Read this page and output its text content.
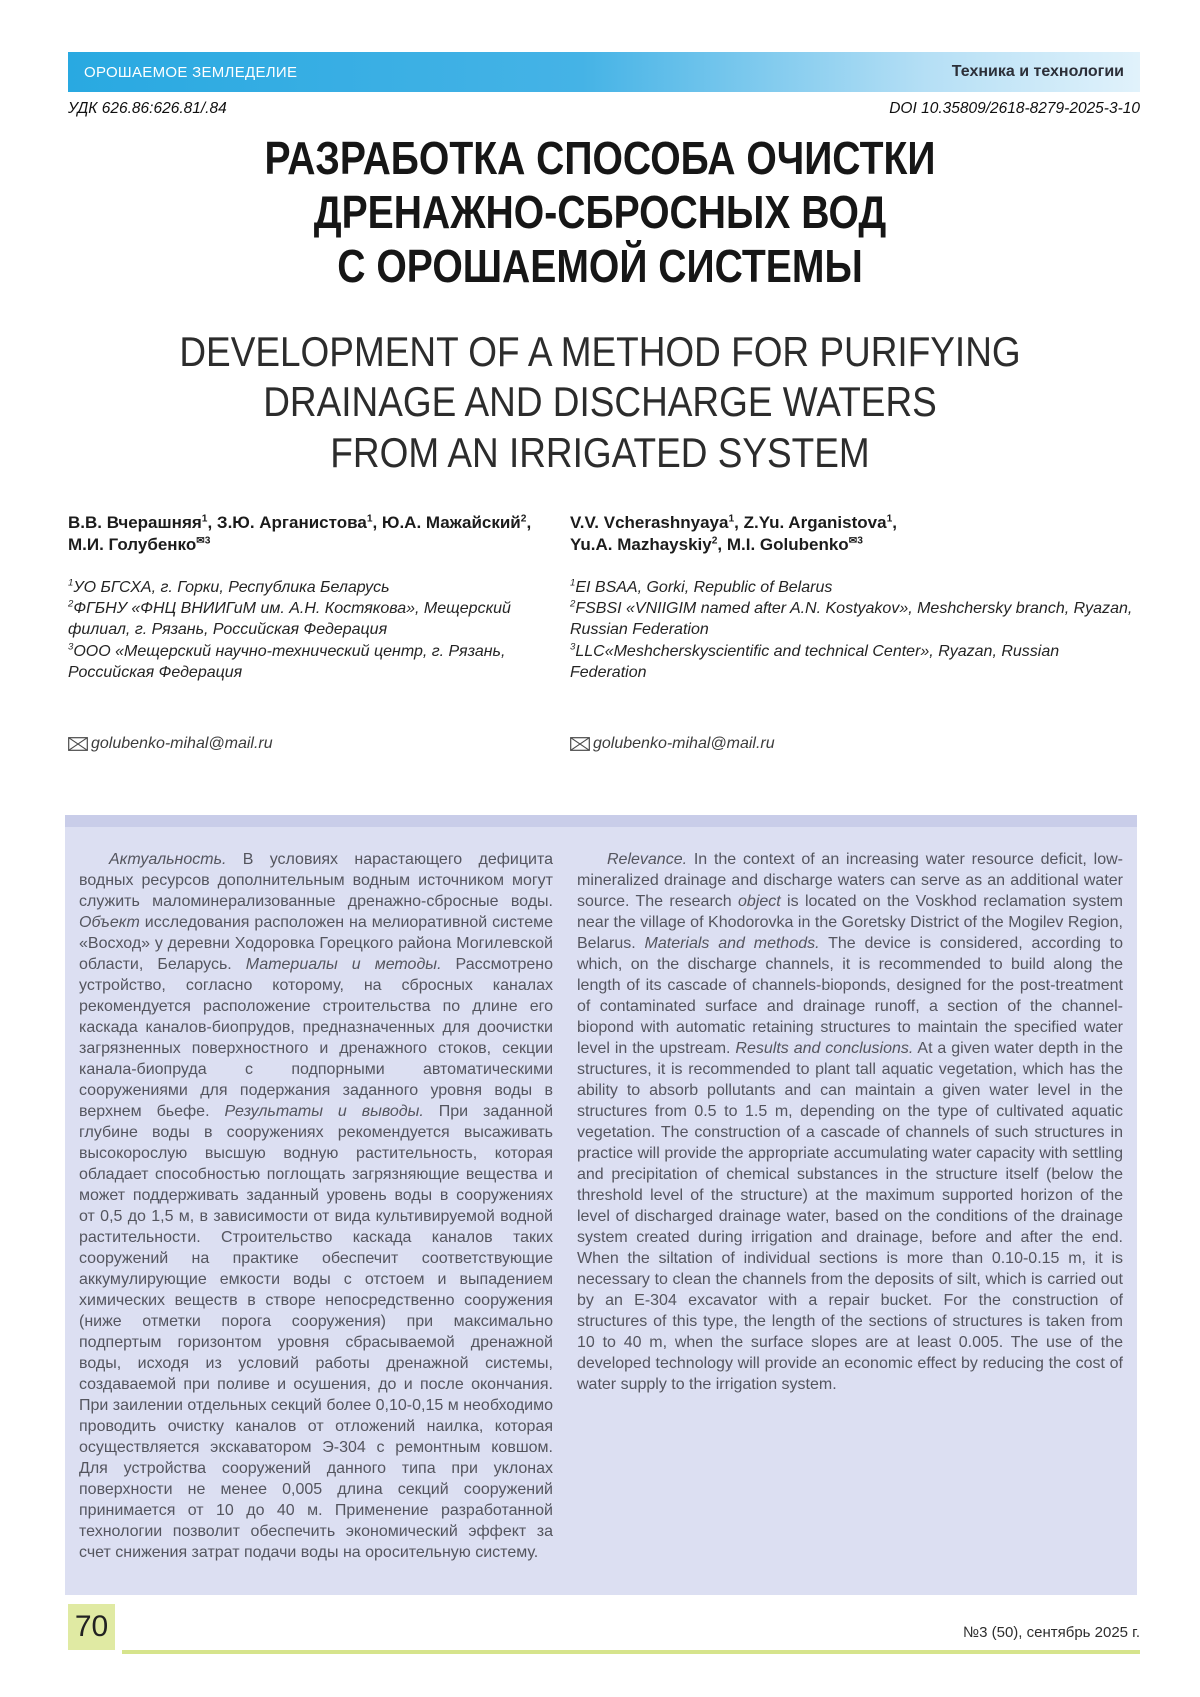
ОРОШАЕМОЕ ЗЕМЛЕДЕЛИЕ	Техника и технологии
УДК 626.86:626.81/.84	DOI 10.35809/2618-8279-2025-3-10
РАЗРАБОТКА СПОСОБА ОЧИСТКИ
ДРЕНАЖНО-СБРОСНЫХ ВОД
С ОРОШАЕМОЙ СИСТЕМЫ
DEVELOPMENT OF A METHOD FOR PURIFYING
DRAINAGE AND DISCHARGE WATERS
FROM AN IRRIGATED SYSTEM
В.В. Вчерашняя$^1$, З.Ю. Арганистова$^1$, Ю.А. Мажайский$^2$,
М.И. Голубенко$^{✉3}$
$^1$УО БГСХА, г. Горки, Республика Беларусь
$^2$ФГБНУ «ФНЦ ВНИИГиМ им. А.Н. Костякова», Мещерский филиал, г. Рязань, Российская Федерация
$^3$ООО «Мещерский научно-технический центр, г. Рязань, Российская Федерация
golubenko-mihal@mail.ru
V.V. Vcherashnyaya$^1$, Z.Yu. Arganistova$^1$,
Yu.A. Mazhayskiy$^2$, M.I. Golubenko$^{✉3}$
$^1$EI BSAA, Gorki, Republic of Belarus
$^2$FSBSI «VNIIGIM named after A.N. Kostyakov», Meshchersky branch, Ryazan, Russian Federation
$^3$LLC«Meshcherskyscientific and technical Center», Ryazan, Russian Federation
golubenko-mihal@mail.ru
Актуальность. В условиях нарастающего дефицита водных ресурсов дополнительным водным источником могут служить маломинерализованные дренажно-сбросные воды. Объект исследования расположен на мелиоративной системе «Восход» у деревни Ходоровка Горецкого района Могилевской области, Беларусь. Материалы и методы. Рассмотрено устройство, согласно которому, на сбросных каналах рекомендуется расположение строительства по длине его каскада каналов-биопрудов, предназначенных для доочистки загрязненных поверхностного и дренажного стоков, секции канала-биопруда с подпорными автоматическими сооружениями для подержания заданного уровня воды в верхнем бьефе. Результаты и выводы. При заданной глубине воды в сооружениях рекомендуется высаживать высокорослую высшую водную растительность, которая обладает способностью поглощать загрязняющие вещества и может поддерживать заданный уровень воды в сооружениях от 0,5 до 1,5 м, в зависимости от вида культивируемой водной растительности. Строительство каскада каналов таких сооружений на практике обеспечит соответствующие аккумулирующие емкости воды с отстоем и выпадением химических веществ в створе непосредственно сооружения (ниже отметки порога сооружения) при максимально подпертым горизонтом уровня сбрасываемой дренажной воды, исходя из условий работы дренажной системы, создаваемой при поливе и осушения, до и после окончания. При заилении отдельных секций более 0,10-0,15 м необходимо проводить очистку каналов от отложений наилка, которая осуществляется экскаватором Э-304 с ремонтным ковшом. Для устройства сооружений данного типа при уклонах поверхности не менее 0,005 длина секций сооружений принимается от 10 до 40 м. Применение разработанной технологии позволит обеспечить экономический эффект за счет снижения затрат подачи воды на оросительную систему.
Relevance. In the context of an increasing water resource deficit, low-mineralized drainage and discharge waters can serve as an additional water source. The research object is located on the Voskhod reclamation system near the village of Khodorovka in the Goretsky District of the Mogilev Region, Belarus. Materials and methods. The device is considered, according to which, on the discharge channels, it is recommended to build along the length of its cascade of channels-bioponds, designed for the post-treatment of contaminated surface and drainage runoff, a section of the channel-biopond with automatic retaining structures to maintain the specified water level in the upstream. Results and conclusions. At a given water depth in the structures, it is recommended to plant tall aquatic vegetation, which has the ability to absorb pollutants and can maintain a given water level in the structures from 0.5 to 1.5 m, depending on the type of cultivated aquatic vegetation. The construction of a cascade of channels of such structures in practice will provide the appropriate accumulating water capacity with settling and precipitation of chemical substances in the structure itself (below the threshold level of the structure) at the maximum supported horizon of the level of discharged drainage water, based on the conditions of the drainage system created during irrigation and drainage, before and after the end. When the siltation of individual sections is more than 0.10-0.15 m, it is necessary to clean the channels from the deposits of silt, which is carried out by an E-304 excavator with a repair bucket. For the construction of structures of this type, the length of the sections of structures is taken from 10 to 40 m, when the surface slopes are at least 0.005. The use of the developed technology will provide an economic effect by reducing the cost of water supply to the irrigation system.
70	№3 (50), сентябрь 2025 г.
